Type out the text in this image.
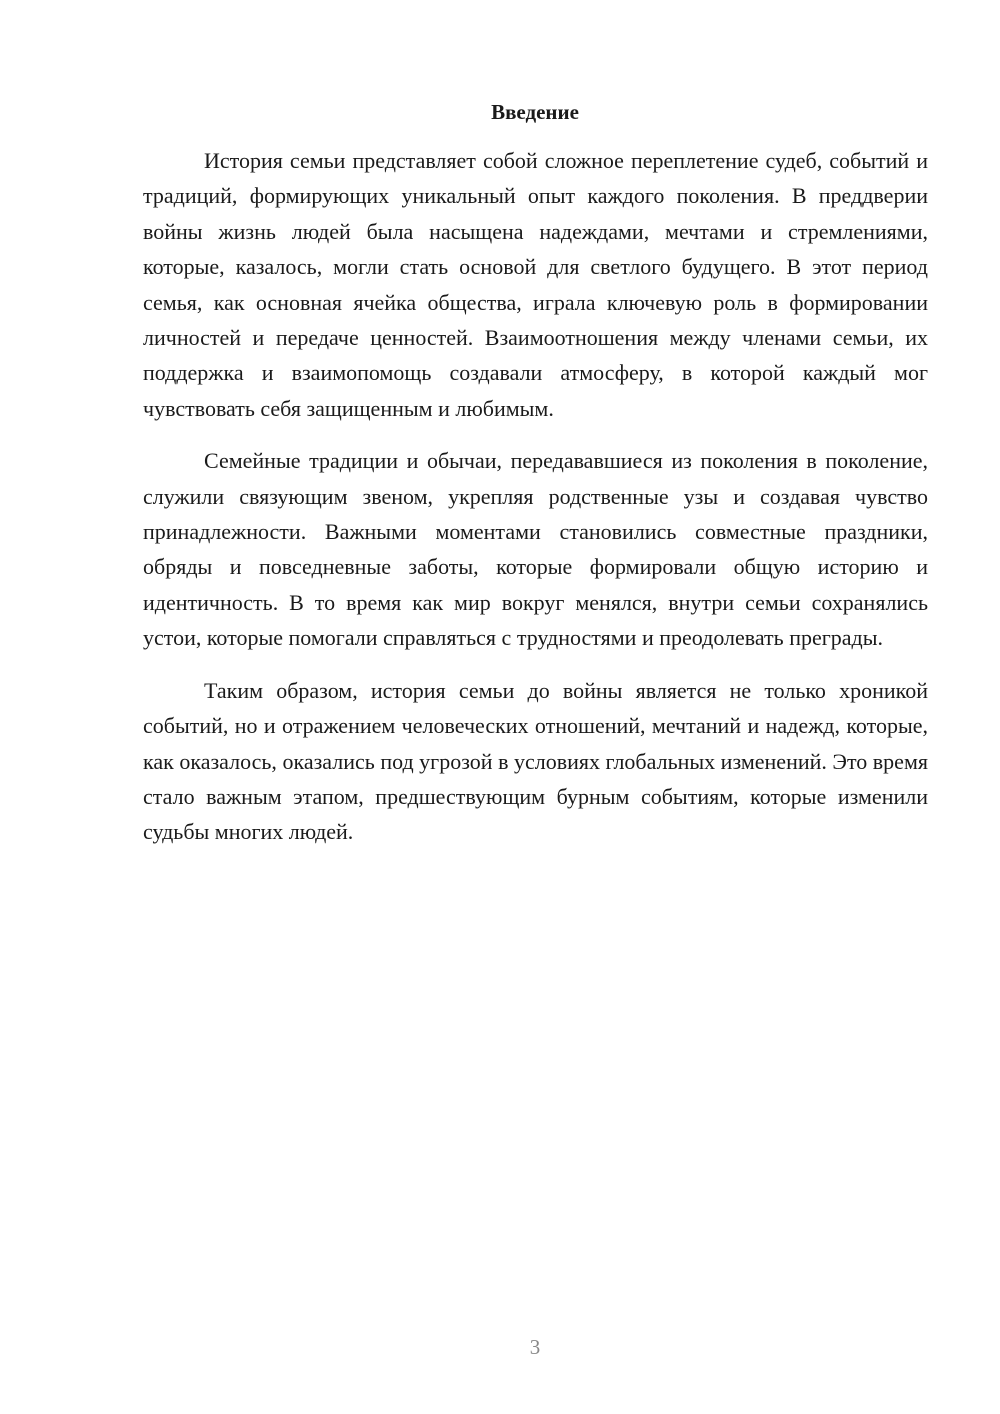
Введение

История семьи представляет собой сложное переплетение судеб, событий и традиций, формирующих уникальный опыт каждого поколения. В преддверии войны жизнь людей была насыщена надеждами, мечтами и стремлениями, которые, казалось, могли стать основой для светлого будущего. В этот период семья, как основная ячейка общества, играла ключевую роль в формировании личностей и передаче ценностей. Взаимоотношения между членами семьи, их поддержка и взаимопомощь создавали атмосферу, в которой каждый мог чувствовать себя защищенным и любимым.

Семейные традиции и обычаи, передававшиеся из поколения в поколение, служили связующим звеном, укрепляя родственные узы и создавая чувство принадлежности. Важными моментами становились совместные праздники, обряды и повседневные заботы, которые формировали общую историю и идентичность. В то время как мир вокруг менялся, внутри семьи сохранялись устои, которые помогали справляться с трудностями и преодолевать преграды.

Таким образом, история семьи до войны является не только хроникой событий, но и отражением человеческих отношений, мечтаний и надежд, которые, как оказалось, оказались под угрозой в условиях глобальных изменений. Это время стало важным этапом, предшествующим бурным событиям, которые изменили судьбы многих людей.

3
